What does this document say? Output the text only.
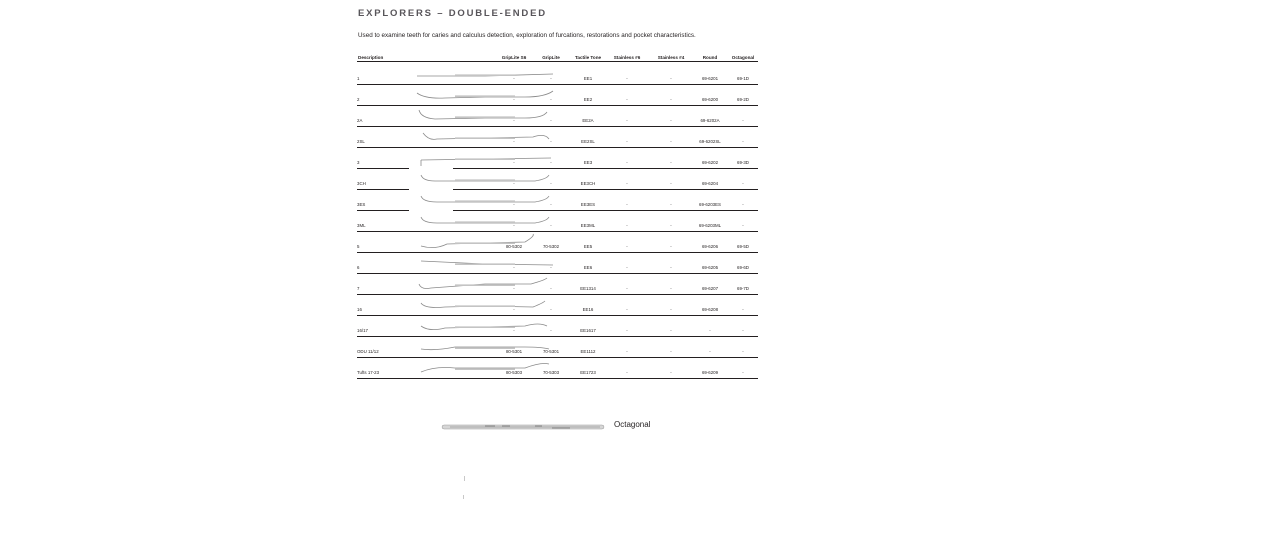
EXPLORERS – DOUBLE-ENDED
Used to examine teeth for caries and calculus detection, exploration of furcations, restorations and pocket characteristics.
Description	GripLite S6	GripLite	Tactile Tone	Stainless #6	Stainless #4	Round	Octagonal
1	-	-	EE1	-	-	69-6201	69-1D
2	-	-	EE2	-	-	69-6200	69-2D
2A	-	-	EE2A	-	-	69-6202A	-
2SL	-	-	EE2SL	-	-	69-6202SL	-
3	-	-	EE3	-	-	69-6202	69-3D
3CH	-	-	EE3CH	-	-	69-6204	-
3ES	-	-	EE3ES	-	-	69-6203ES	-
3ML	-	-	EE3ML	-	-	69-6203ML	-
5	80-5302	70-5302	EE5	-	-	69-6206	69-5D
6	-	-	EE6	-	-	69-6205	69-6D
7	-	-	EE1314	-	-	69-6207	69-7D
16	-	-	EE16	-	-	69-6208	-
16/17	-	-	EE1617	-	-	-	-
ODU 11/12	80-5301	70-5301	EE1112	-	-	-	-
Tufts 17-23	80-5303	70-5303	EE1723	-	-	69-6209	-
Octagonal
